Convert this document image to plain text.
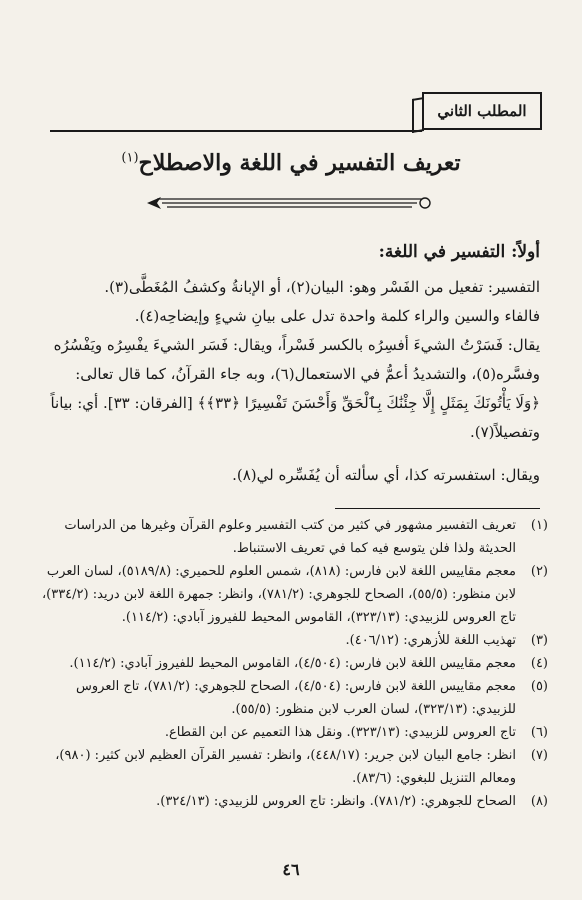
المطلب الثاني
تعريف التفسير في اللغة والاصطلاح$^{(١)}$

أولاً: التفسير في اللغة:

التفسير: تفعيل من الفَسْر وهو: البيان(٢)، أو الإبانةُ وكشفُ المُغَطَّى(٣).

فالفاء والسين والراء كلمة واحدة تدل على بيانِ شيءٍ وإيضاحِه(٤).

يقال: فَسَرْتُ الشيءَ أفسِرُه بالكسر فَسْراً، ويقال: فَسَر الشيءَ يفْسِرُه ويَفْسُرُه وفسَّره(٥)، والتشديدُ أعمُّ في الاستعمال(٦)، وبه جاء القرآنُ، كما قال تعالى:

﴿وَلَا يَأْتُونَكَ بِمَثَلٍ إِلَّا جِئْنَٰكَ بِٱلْحَقِّ وَأَحْسَنَ تَفْسِيرًا ﴿٣٣﴾﴾ [الفرقان: ٣٣]. أي: بياناً وتفصيلاً(٧).

ويقال: استفسرته كذا، أي سألته أن يُفَسِّره لي(٨).

(١)
تعريف التفسير مشهور في كثير من كتب التفسير وعلوم القرآن وغيرها من الدراسات الحديثة ولذا فلن يتوسع فيه كما في تعريف الاستنباط.
(٢)
معجم مقاييس اللغة لابن فارس: (٨١٨)، شمس العلوم للحميري: (٥١٨٩/٨)، لسان العرب لابن منظور: (٥٥/٥)، الصحاح للجوهري: (٧٨١/٢)، وانظر: جمهرة اللغة لابن دريد: (٣٣٤/٢)، تاج العروس للزبيدي: (٣٢٣/١٣)، القاموس المحيط للفيروز آبادي: (١١٤/٢).
(٣)
تهذيب اللغة للأزهري: (٤٠٦/١٢).
(٤)
معجم مقاييس اللغة لابن فارس: (٤/٥٠٤)، القاموس المحيط للفيروز آبادي: (١١٤/٢).
(٥)
معجم مقاييس اللغة لابن فارس: (٤/٥٠٤)، الصحاح للجوهري: (٧٨١/٢)، تاج العروس للزبيدي: (٣٢٣/١٣)، لسان العرب لابن منظور: (٥٥/٥).
(٦)
تاج العروس للزبيدي: (٣٢٣/١٣). ونقل هذا التعميم عن ابن القطاع.
(٧)
انظر: جامع البيان لابن جرير: (٤٤٨/١٧)، وانظر: تفسير القرآن العظيم لابن كثير: (٩٨٠)، ومعالم التنزيل للبغوي: (٨٣/٦).
(٨)
الصحاح للجوهري: (٧٨١/٢). وانظر: تاج العروس للزبيدي: (٣٢٤/١٣).
٤٦
